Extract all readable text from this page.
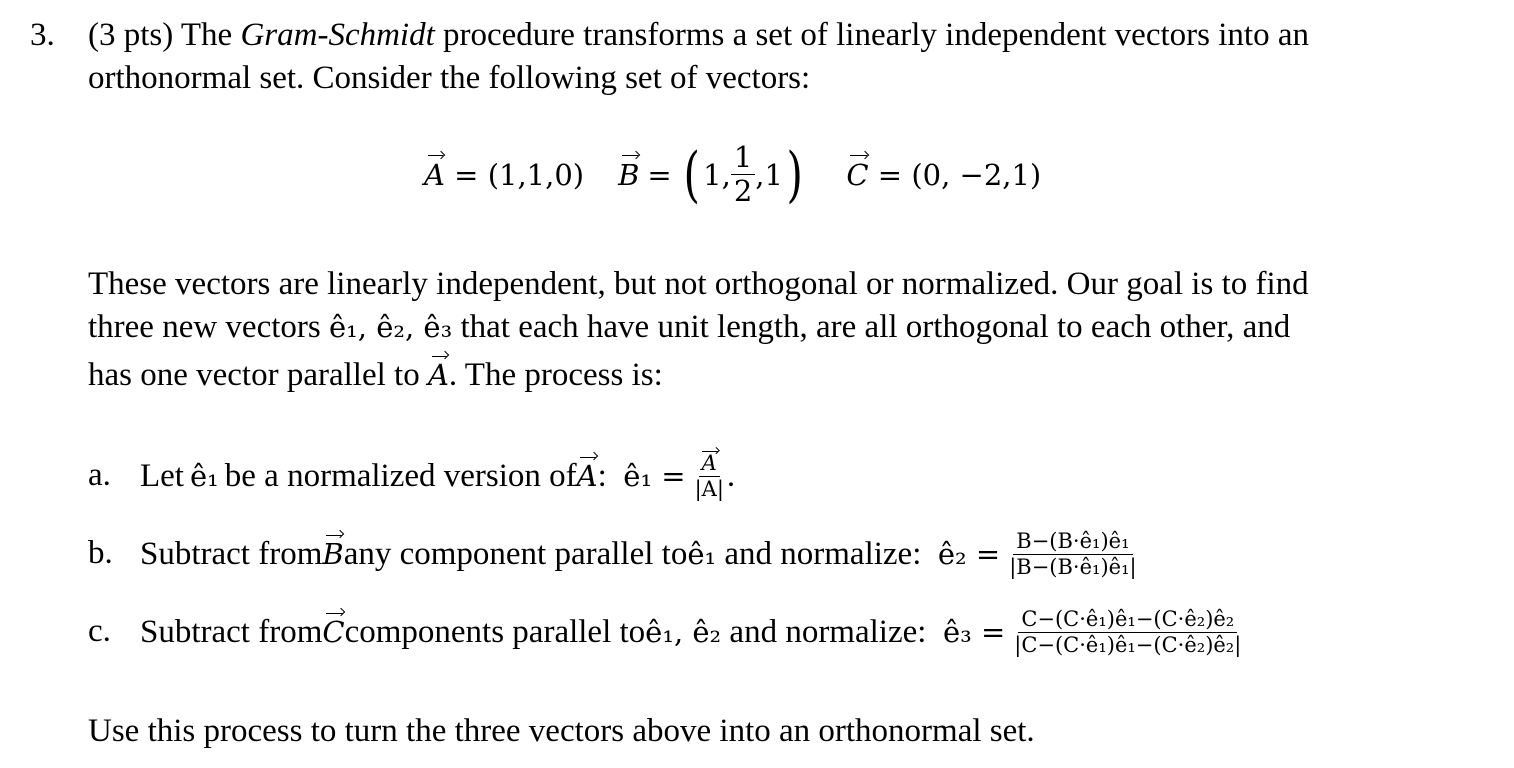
3. (3 pts) The Gram-Schmidt procedure transforms a set of linearly independent vectors into an
orthonormal set. Consider the following set of vectors:
A = (1,1,0) B = ( 1, $\frac{1}{2} ,1$ ) C = (0, −2,1)
These vectors are linearly independent, but not orthogonal or normalized. Our goal is to find
three new vectors ê₁, ê₂, ê₃ that each have unit length, are all orthogonal to each other, and
has one vector parallel to A. The process is:
a. Let ê₁ be a normalized version of A : ê₁ = $\frac{A}{|A|}$ .
b. Subtract from B any component parallel to ê₁ and normalize: ê₂ = $\frac{\text{B−(B·ê₁)ê₁}}{\text{|B−(B·ê₁)ê₁|}}$
c. Subtract from C components parallel to ê₁, ê₂ and normalize: ê₃ = $\frac{\text{C−(C·ê₁)ê₁−(C·ê₂)ê₂}}{\text{|C−(C·ê₁)ê₁−(C·ê₂)ê₂|}}$
Use this process to turn the three vectors above into an orthonormal set.
